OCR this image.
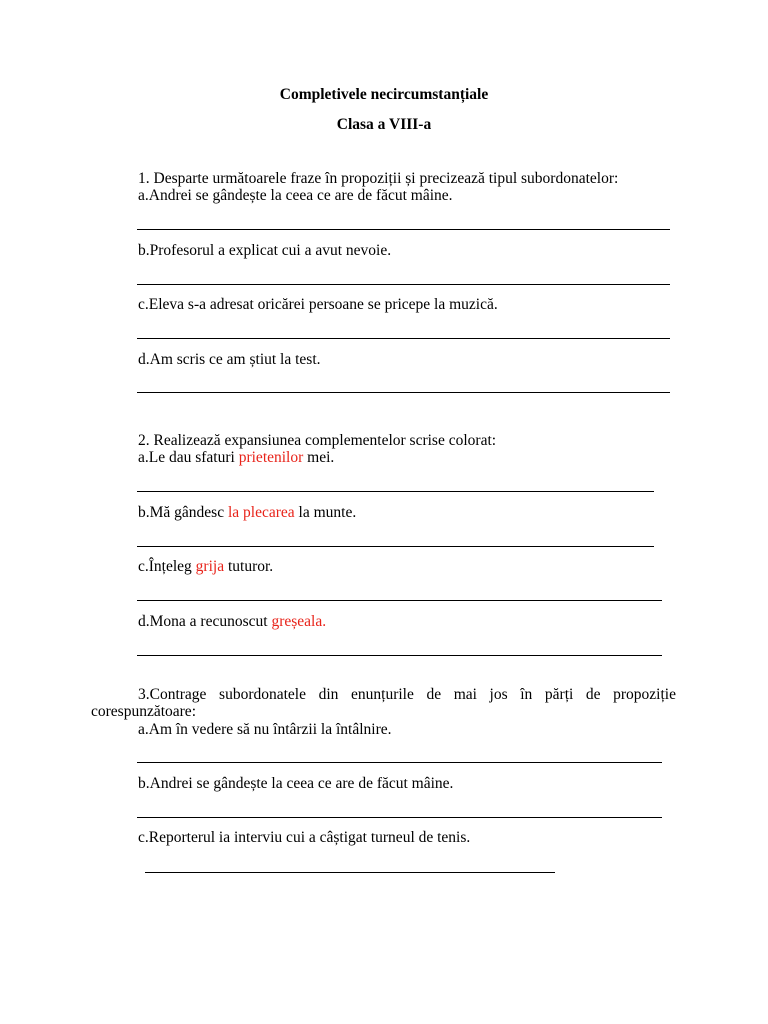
Completivele necircumstanțiale
Clasa a VIII-a
1. Desparte următoarele fraze în propoziții și precizează tipul subordonatelor:
a.Andrei se gândește la ceea ce are de făcut mâine.
b.Profesorul a explicat cui a avut nevoie.
c.Eleva s-a adresat oricărei persoane se pricepe la muzică.
d.Am scris ce am știut la test.
2. Realizează expansiunea complementelor scrise colorat:
a.Le dau sfaturi prietenilor mei.
b.Mă gândesc la plecarea la munte.
c.Înțeleg grija tuturor.
d.Mona a recunoscut greșeala.
3.Contrage subordonatele din enunțurile de mai jos în părți de propoziție
corespunzătoare:
a.Am în vedere să nu întârzii la întâlnire.
b.Andrei se gândește la ceea ce are de făcut mâine.
c.Reporterul ia interviu cui a câștigat turneul de tenis.
